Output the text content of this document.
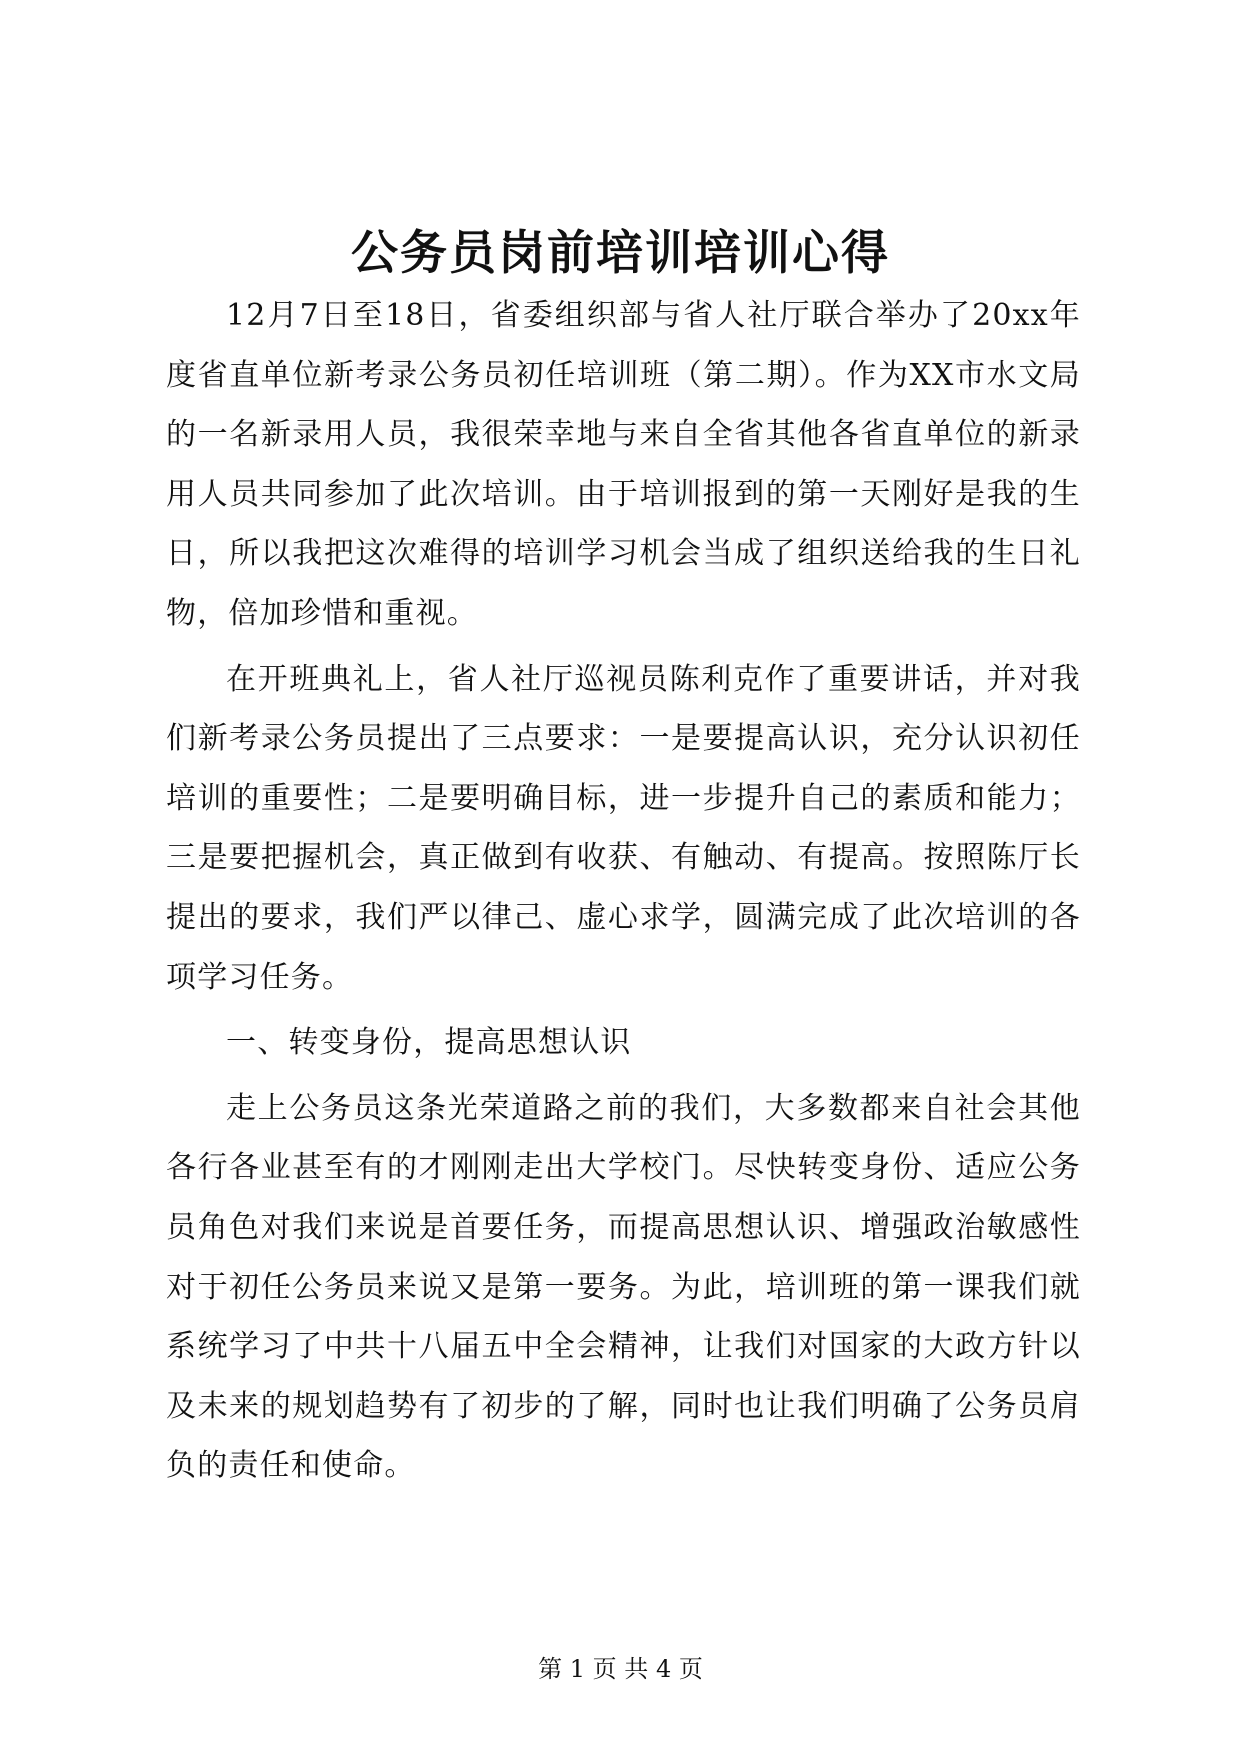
公务员岗前培训培训心得

12月7日至18日，省委组织部与省人社厅联合举办了20xx年度省直单位新考录公务员初任培训班（第二期）。作为XX市水文局的一名新录用人员，我很荣幸地与来自全省其他各省直单位的新录用人员共同参加了此次培训。由于培训报到的第一天刚好是我的生日，所以我把这次难得的培训学习机会当成了组织送给我的生日礼物，倍加珍惜和重视。

在开班典礼上，省人社厅巡视员陈利克作了重要讲话，并对我们新考录公务员提出了三点要求：一是要提高认识，充分认识初任培训的重要性；二是要明确目标，进一步提升自己的素质和能力；三是要把握机会，真正做到有收获、有触动、有提高。按照陈厅长提出的要求，我们严以律己、虚心求学，圆满完成了此次培训的各项学习任务。

一、转变身份，提高思想认识

走上公务员这条光荣道路之前的我们，大多数都来自社会其他各行各业甚至有的才刚刚走出大学校门。尽快转变身份、适应公务员角色对我们来说是首要任务，而提高思想认识、增强政治敏感性对于初任公务员来说又是第一要务。为此，培训班的第一课我们就系统学习了中共十八届五中全会精神，让我们对国家的大政方针以及未来的规划趋势有了初步的了解，同时也让我们明确了公务员肩负的责任和使命。

第 1 页 共 4 页
